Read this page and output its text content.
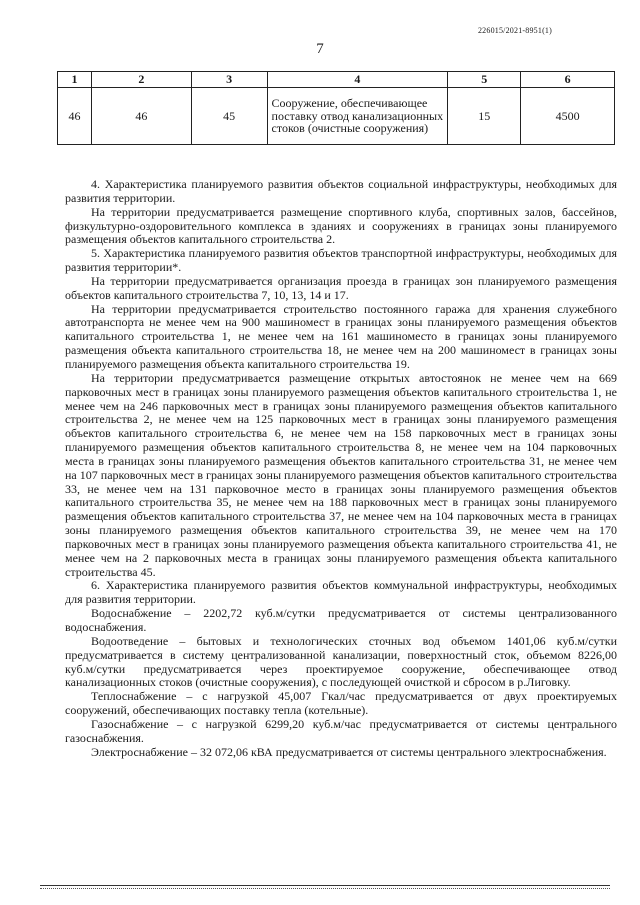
226015/2021-8951(1)
7
1	2	3	4	5	6
46	46	45	Сооружение, обеспечивающее поставку отвод канализационных стоков (очистные сооружения)	15	4500

4. Характеристика планируемого развития объектов социальной инфраструктуры, необходимых для развития территории.

На территории предусматривается размещение спортивного клуба, спортивных залов, бассейнов, физкультурно-оздоровительного комплекса в зданиях и сооружениях в границах зоны планируемого размещения объектов капитального строительства 2.

5. Характеристика планируемого развития объектов транспортной инфраструктуры, необходимых для развития территории*.

На территории предусматривается организация проезда в границах зон планируемого размещения объектов капитального строительства 7, 10, 13, 14 и 17.

На территории предусматривается строительство постоянного гаража для хранения служебного автотранспорта не менее чем на 900 машиномест в границах зоны планируемого размещения объектов капитального строительства 1, не менее чем на 161 машиноместо в границах зоны планируемого размещения объекта капитального строительства 18, не менее чем на 200 машиномест в границах зоны планируемого размещения объекта капитального строительства 19.

На территории предусматривается размещение открытых автостоянок не менее чем на 669 парковочных мест в границах зоны планируемого размещения объектов капитального строительства 1, не менее чем на 246 парковочных мест в границах зоны планируемого размещения объектов капитального строительства 2, не менее чем на 125 парковочных мест в границах зоны планируемого размещения объектов капитального строительства 6, не менее чем на 158 парковочных мест в границах зоны планируемого размещения объектов капитального строительства 8, не менее чем на 104 парковочных места в границах зоны планируемого размещения объектов капитального строительства 31, не менее чем на 107 парковочных мест в границах зоны планируемого размещения объектов капитального строительства 33, не менее чем на 131 парковочное место в границах зоны планируемого размещения объектов капитального строительства 35, не менее чем на 188 парковочных мест в границах зоны планируемого размещения объектов капитального строительства 37, не менее чем на 104 парковочных места в границах зоны планируемого размещения объектов капитального строительства 39, не менее чем на 170 парковочных мест в границах зоны планируемого размещения объекта капитального строительства 41, не менее чем на 2 парковочных места в границах зоны планируемого размещения объекта капитального строительства 45.

6. Характеристика планируемого развития объектов коммунальной инфраструктуры, необходимых для развития территории.

Водоснабжение – 2202,72 куб.м/сутки предусматривается от системы централизованного водоснабжения.

Водоотведение – бытовых и технологических сточных вод объемом 1401,06 куб.м/сутки предусматривается в систему централизованной канализации, поверхностный сток, объемом 8226,00 куб.м/сутки предусматривается через проектируемое сооружение, обеспечивающее отвод канализационных стоков (очистные сооружения), с последующей очисткой и сбросом в р.Лиговку.

Теплоснабжение – с нагрузкой 45,007 Гкал/час предусматривается от двух проектируемых сооружений, обеспечивающих поставку тепла (котельные).

Газоснабжение – с нагрузкой 6299,20 куб.м/час предусматривается от системы центрального газоснабжения.

Электроснабжение – 32 072,06 кВА предусматривается от системы центрального электроснабжения.
